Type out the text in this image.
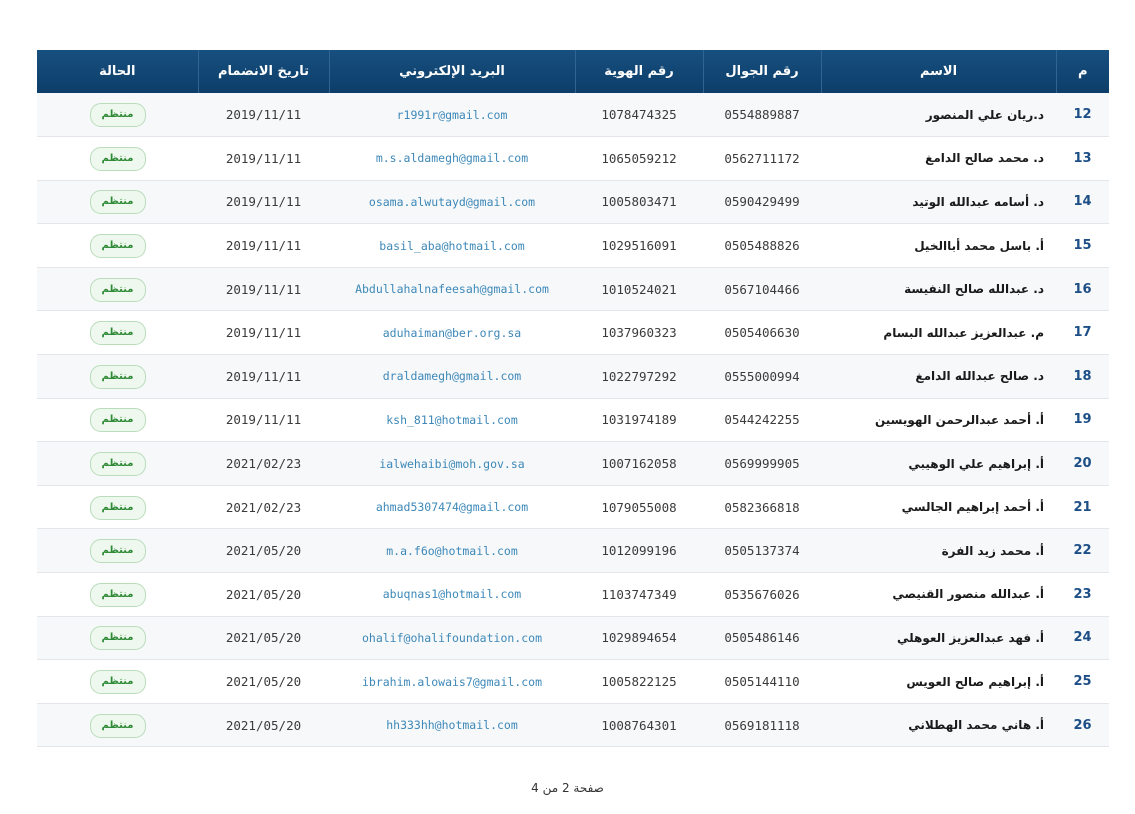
م	الاسم	رقم الجوال	رقم الهوية	البريد الإلكتروني	تاريخ الانضمام	الحالة
12	د.ريان علي المنصور	0554889887	1078474325	r1991r@gmail.com	2019/11/11	منتظم
13	د. محمد صالح الدامغ	0562711172	1065059212	m.s.aldamegh@gmail.com	2019/11/11	منتظم
14	د. أسامه عبدالله الوتيد	0590429499	1005803471	osama.alwutayd@gmail.com	2019/11/11	منتظم
15	أ. باسل محمد أباالخيل	0505488826	1029516091	basil_aba@hotmail.com	2019/11/11	منتظم
16	د. عبدالله صالح النفيسة	0567104466	1010524021	Abdullahalnafeesah@gmail.com	2019/11/11	منتظم
17	م. عبدالعزيز عبدالله البسام	0505406630	1037960323	aduhaiman@ber.org.sa	2019/11/11	منتظم
18	د. صالح عبدالله الدامغ	0555000994	1022797292	draldamegh@gmail.com	2019/11/11	منتظم
19	أ. أحمد عبدالرحمن الهويسين	0544242255	1031974189	ksh_811@hotmail.com	2019/11/11	منتظم
20	أ. إبراهيم علي الوهيبي	0569999905	1007162058	ialwehaibi@moh.gov.sa	2021/02/23	منتظم
21	أ. أحمد إبراهيم الجالسي	0582366818	1079055008	ahmad5307474@gmail.com	2021/02/23	منتظم
22	أ. محمد زيد الفرة	0505137374	1012099196	m.a.f6o@hotmail.com	2021/05/20	منتظم
23	أ. عبدالله منصور القنيصي	0535676026	1103747349	abuqnas1@hotmail.com	2021/05/20	منتظم
24	أ. فهد عبدالعزيز العوهلي	0505486146	1029894654	ohalif@ohalifoundation.com	2021/05/20	منتظم
25	أ. إبراهيم صالح العويس	0505144110	1005822125	ibrahim.alowais7@gmail.com	2021/05/20	منتظم
26	أ. هاني محمد الهطلاني	0569181118	1008764301	hh333hh@hotmail.com	2021/05/20	منتظم
صفحة 2 من 4
